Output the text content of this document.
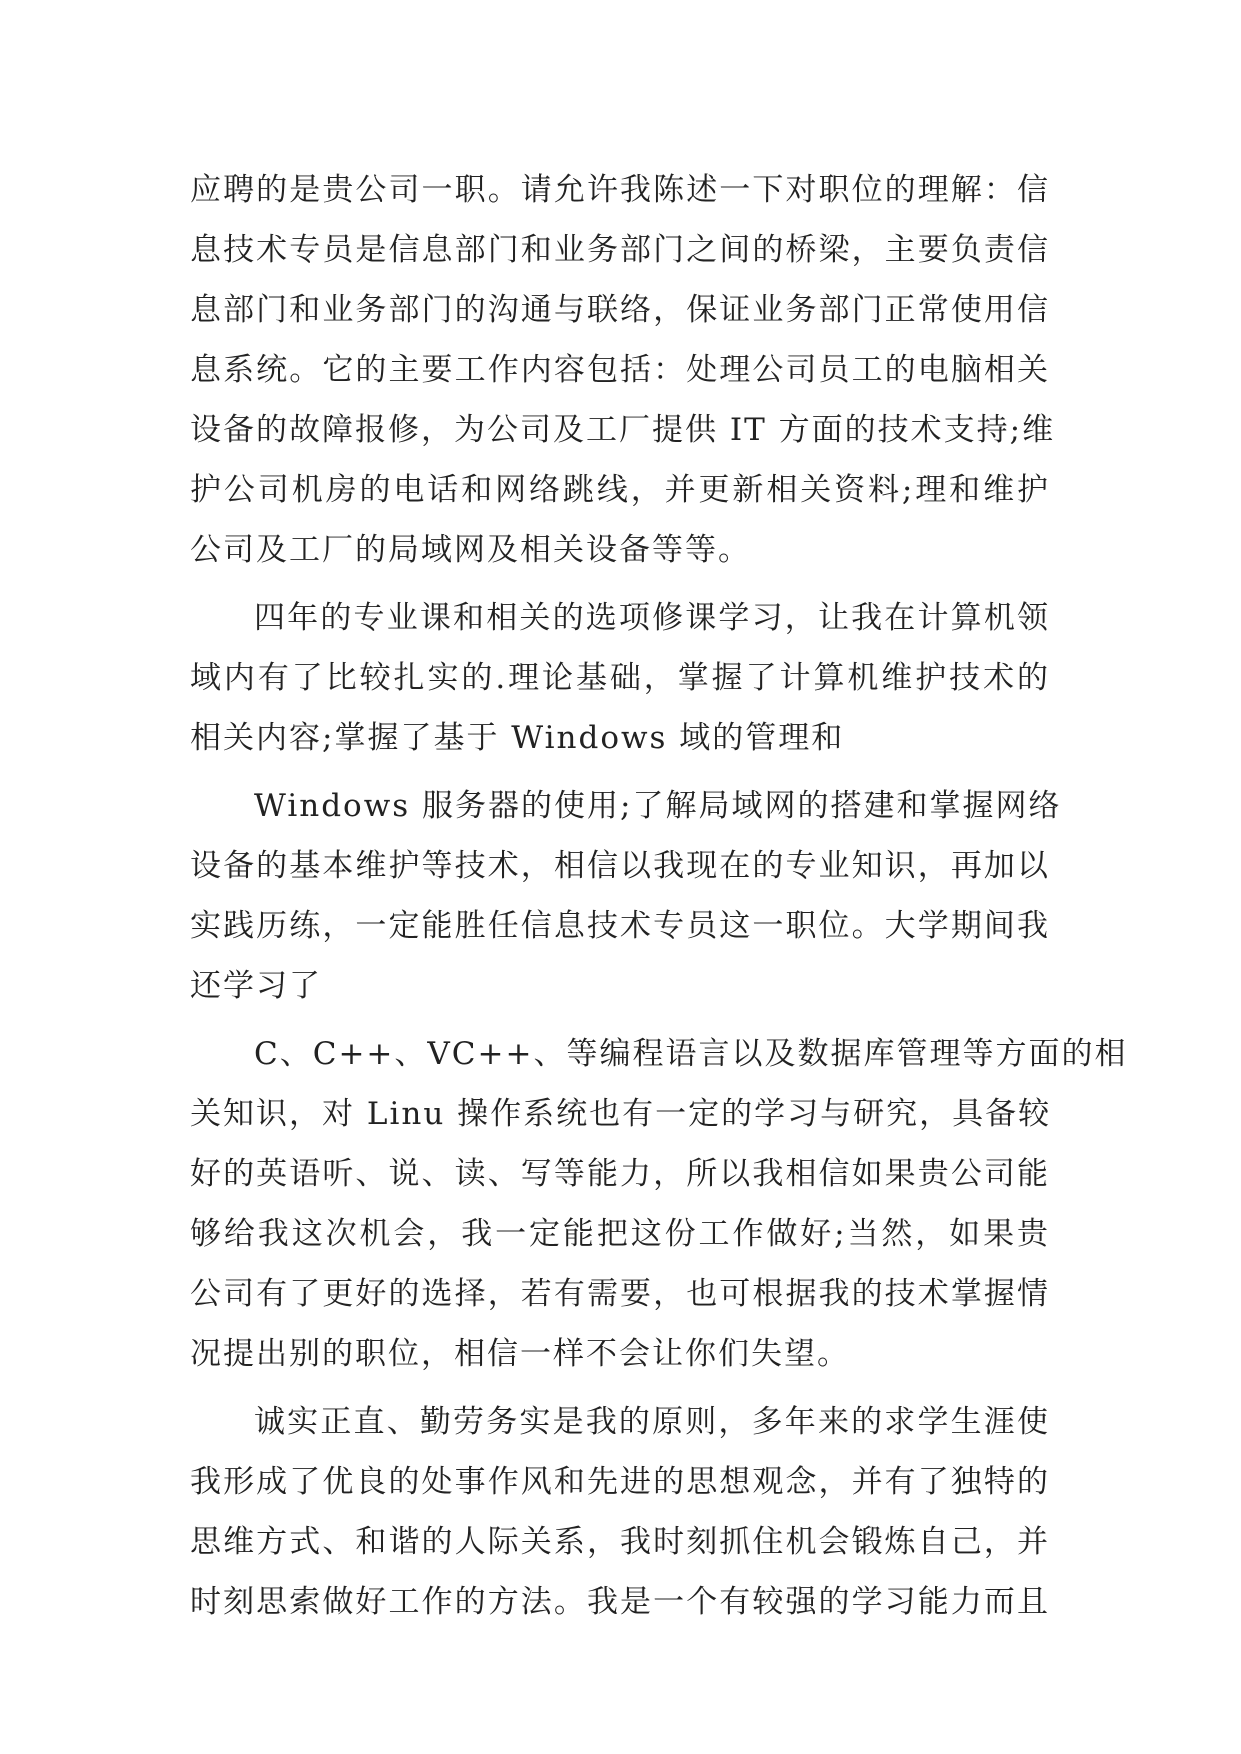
应聘的是贵公司一职。请允许我陈述一下对职位的理解：信
息技术专员是信息部门和业务部门之间的桥梁，主要负责信
息部门和业务部门的沟通与联络，保证业务部门正常使用信
息系统。它的主要工作内容包括：处理公司员工的电脑相关
设备的故障报修，为公司及工厂提供 IT 方面的技术支持;维
护公司机房的电话和网络跳线，并更新相关资料;理和维护
公司及工厂的局域网及相关设备等等。
四年的专业课和相关的选项修课学习，让我在计算机领
域内有了比较扎实的.理论基础，掌握了计算机维护技术的
相关内容;掌握了基于 Windows 域的管理和
Windows 服务器的使用;了解局域网的搭建和掌握网络
设备的基本维护等技术，相信以我现在的专业知识，再加以
实践历练，一定能胜任信息技术专员这一职位。大学期间我
还学习了
C、C++、VC++、等编程语言以及数据库管理等方面的相
关知识，对 Linu 操作系统也有一定的学习与研究，具备较
好的英语听、说、读、写等能力，所以我相信如果贵公司能
够给我这次机会，我一定能把这份工作做好;当然，如果贵
公司有了更好的选择，若有需要，也可根据我的技术掌握情
况提出别的职位，相信一样不会让你们失望。
诚实正直、勤劳务实是我的原则，多年来的求学生涯使
我形成了优良的处事作风和先进的思想观念，并有了独特的
思维方式、和谐的人际关系，我时刻抓住机会锻炼自己，并
时刻思索做好工作的方法。我是一个有较强的学习能力而且
